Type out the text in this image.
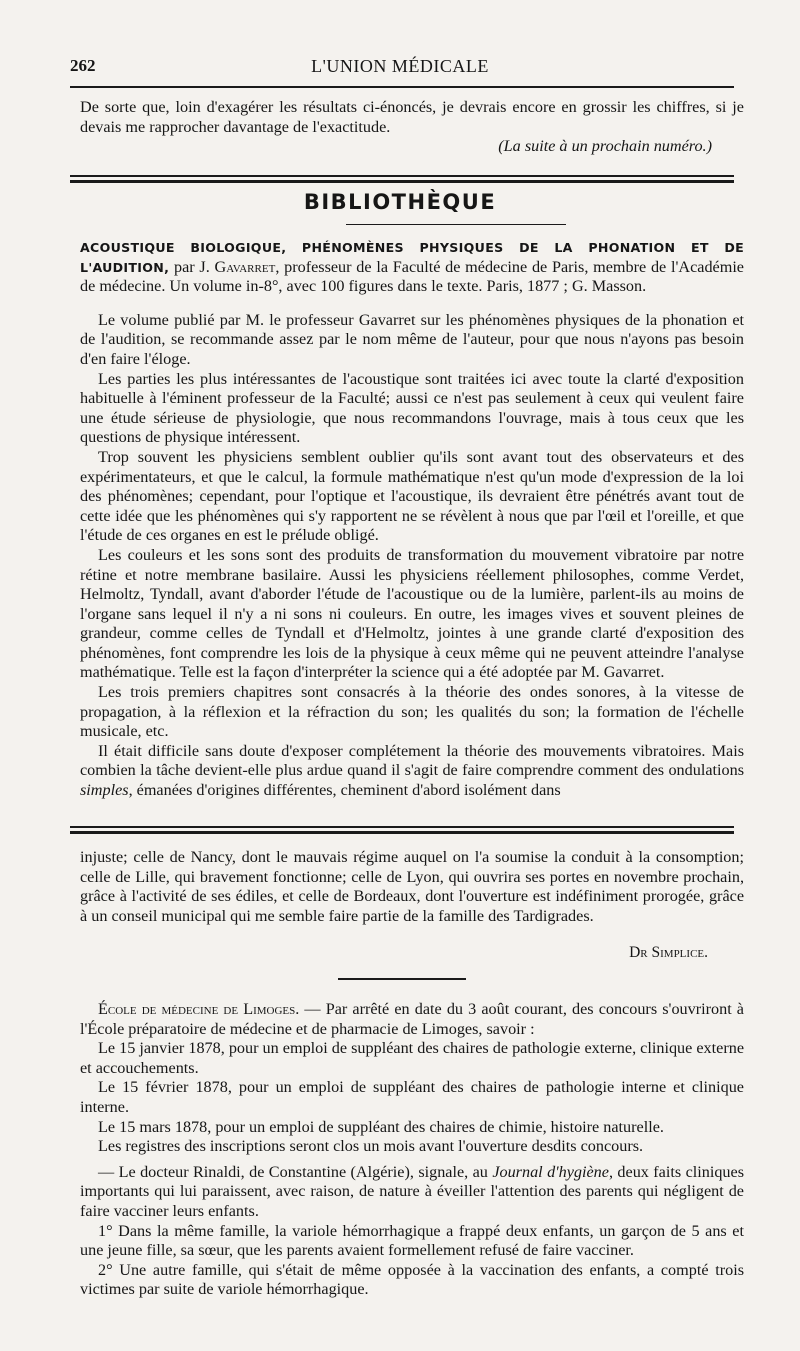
262	L'UNION MÉDICALE

De sorte que, loin d'exagérer les résultats ci-énoncés, je devrais encore en grossir les chiffres, si je devais me rapprocher davantage de l'exactitude.

(La suite à un prochain numéro.)

BIBLIOTHÈQUE

ACOUSTIQUE BIOLOGIQUE, PHÉNOMÈNES PHYSIQUES DE LA PHONATION ET DE L'AUDITION, par J. Gavarret, professeur de la Faculté de médecine de Paris, membre de l'Académie de médecine. Un volume in-8°, avec 100 figures dans le texte. Paris, 1877 ; G. Masson.

Le volume publié par M. le professeur Gavarret sur les phénomènes physiques de la phonation et de l'audition, se recommande assez par le nom même de l'auteur, pour que nous n'ayons pas besoin d'en faire l'éloge.

Les parties les plus intéressantes de l'acoustique sont traitées ici avec toute la clarté d'exposition habituelle à l'éminent professeur de la Faculté; aussi ce n'est pas seulement à ceux qui veulent faire une étude sérieuse de physiologie, que nous recommandons l'ouvrage, mais à tous ceux que les questions de physique intéressent.

Trop souvent les physiciens semblent oublier qu'ils sont avant tout des observateurs et des expérimentateurs, et que le calcul, la formule mathématique n'est qu'un mode d'expression de la loi des phénomènes; cependant, pour l'optique et l'acoustique, ils devraient être pénétrés avant tout de cette idée que les phénomènes qui s'y rapportent ne se révèlent à nous que par l'œil et l'oreille, et que l'étude de ces organes en est le prélude obligé.

Les couleurs et les sons sont des produits de transformation du mouvement vibratoire par notre rétine et notre membrane basilaire. Aussi les physiciens réellement philosophes, comme Verdet, Helmoltz, Tyndall, avant d'aborder l'étude de l'acoustique ou de la lumière, parlent-ils au moins de l'organe sans lequel il n'y a ni sons ni couleurs. En outre, les images vives et souvent pleines de grandeur, comme celles de Tyndall et d'Helmoltz, jointes à une grande clarté d'exposition des phénomènes, font comprendre les lois de la physique à ceux même qui ne peuvent atteindre l'analyse mathématique. Telle est la façon d'interpréter la science qui a été adoptée par M. Gavarret.

Les trois premiers chapitres sont consacrés à la théorie des ondes sonores, à la vitesse de propagation, à la réflexion et la réfraction du son; les qualités du son; la formation de l'échelle musicale, etc.

Il était difficile sans doute d'exposer complétement la théorie des mouvements vibratoires. Mais combien la tâche devient-elle plus ardue quand il s'agit de faire comprendre comment des ondulations simples, émanées d'origines différentes, cheminent d'abord isolément dans

injuste; celle de Nancy, dont le mauvais régime auquel on l'a soumise la conduit à la consomption; celle de Lille, qui bravement fonctionne; celle de Lyon, qui ouvrira ses portes en novembre prochain, grâce à l'activité de ses édiles, et celle de Bordeaux, dont l'ouverture est indéfiniment prorogée, grâce à un conseil municipal qui me semble faire partie de la famille des Tardigrades.

Dr Simplice.

École de médecine de Limoges. — Par arrêté en date du 3 août courant, des concours s'ouvriront à l'École préparatoire de médecine et de pharmacie de Limoges, savoir :

Le 15 janvier 1878, pour un emploi de suppléant des chaires de pathologie externe, clinique externe et accouchements.

Le 15 février 1878, pour un emploi de suppléant des chaires de pathologie interne et clinique interne.

Le 15 mars 1878, pour un emploi de suppléant des chaires de chimie, histoire naturelle.

Les registres des inscriptions seront clos un mois avant l'ouverture desdits concours.

— Le docteur Rinaldi, de Constantine (Algérie), signale, au Journal d'hygiène, deux faits cliniques importants qui lui paraissent, avec raison, de nature à éveiller l'attention des parents qui négligent de faire vacciner leurs enfants.

1° Dans la même famille, la variole hémorrhagique a frappé deux enfants, un garçon de 5 ans et une jeune fille, sa sœur, que les parents avaient formellement refusé de faire vacciner.

2° Une autre famille, qui s'était de même opposée à la vaccination des enfants, a compté trois victimes par suite de variole hémorrhagique.
